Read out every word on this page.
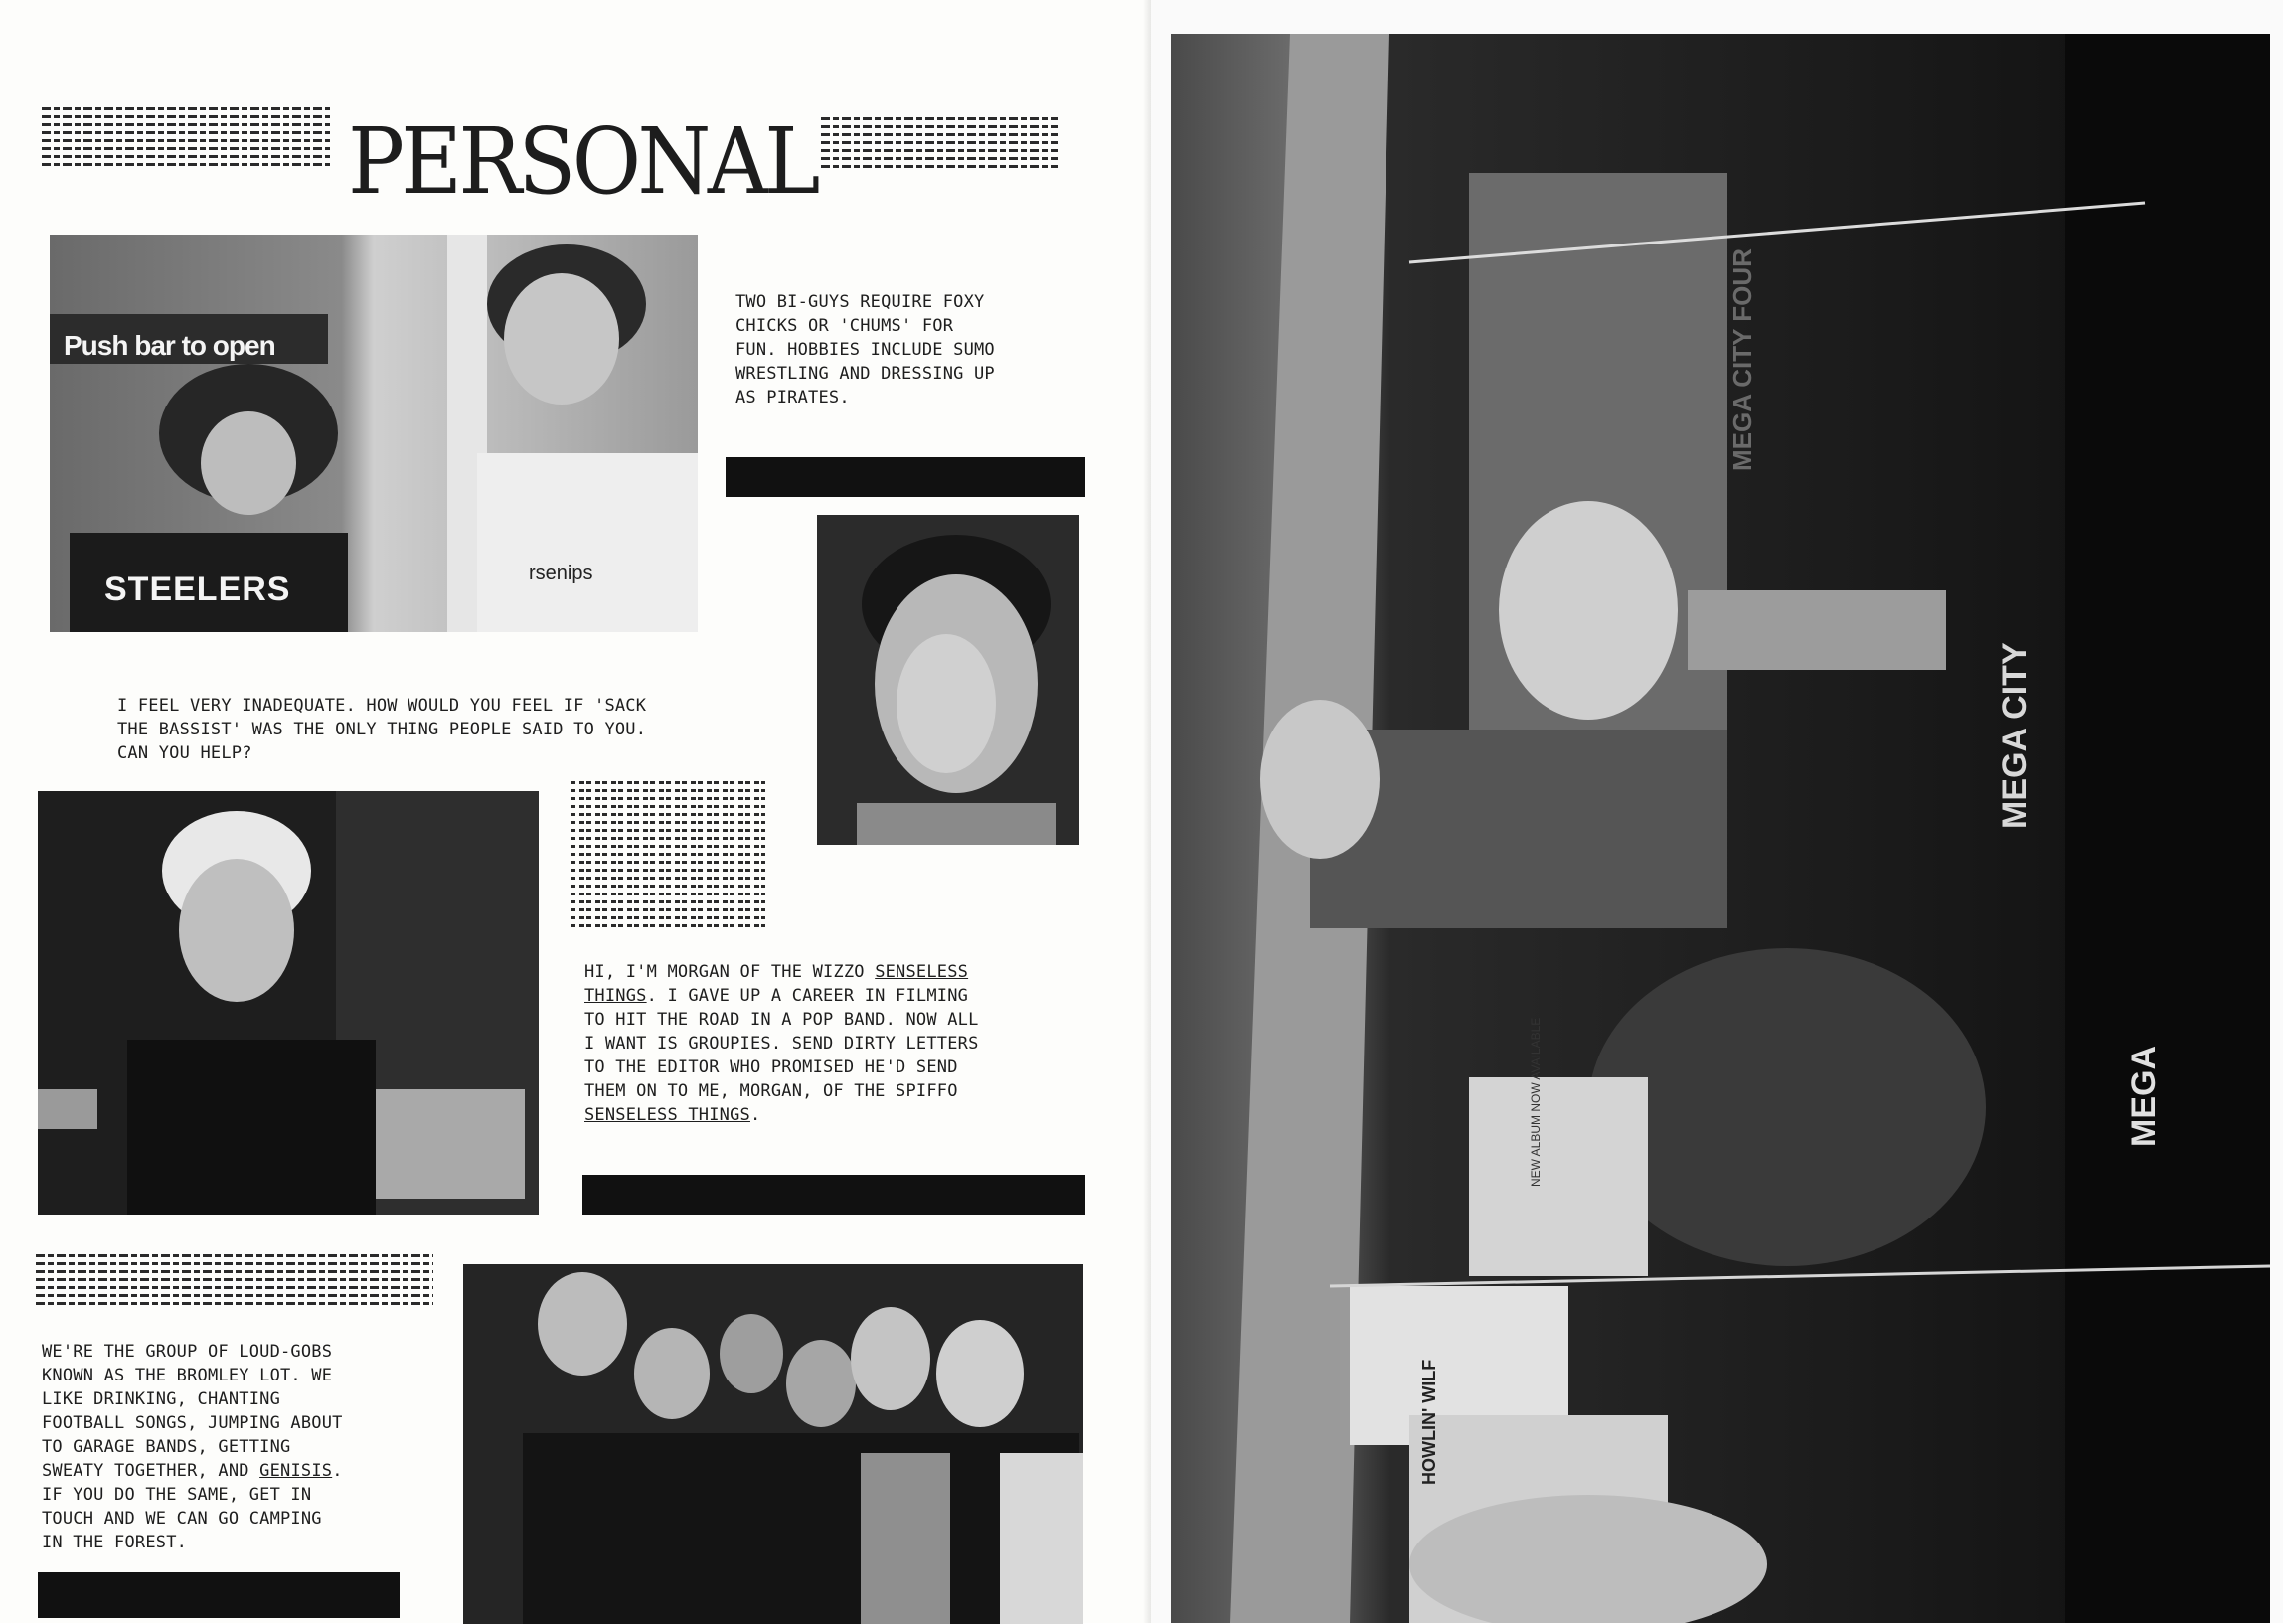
PERSONAL
Push bar to open
STEELERS	rsenips
TWO BI-GUYS REQUIRE FOXY
CHICKS OR 'CHUMS' FOR
FUN. HOBBIES INCLUDE SUMO
WRESTLING AND DRESSING UP
AS PIRATES.
I FEEL VERY INADEQUATE. HOW WOULD YOU FEEL IF 'SACK
THE BASSIST' WAS THE ONLY THING PEOPLE SAID TO YOU.
CAN YOU HELP?
HI, I'M MORGAN OF THE WIZZO SENSELESS
THINGS. I GAVE UP A CAREER IN FILMING
TO HIT THE ROAD IN A POP BAND. NOW ALL
I WANT IS GROUPIES. SEND DIRTY LETTERS
TO THE EDITOR WHO PROMISED HE'D SEND
THEM ON TO ME, MORGAN, OF THE SPIFFO
SENSELESS THINGS.
WE'RE THE GROUP OF LOUD-GOBS
KNOWN AS THE BROMLEY LOT. WE
LIKE DRINKING, CHANTING
FOOTBALL SONGS, JUMPING ABOUT
TO GARAGE BANDS, GETTING
SWEATY TOGETHER, AND GENISIS.
IF YOU DO THE SAME, GET IN
TOUCH AND WE CAN GO CAMPING
IN THE FOREST.
MEGA CITY FOUR
MEGA CITY
MEGA
NEW ALBUM NOW AVAILABLE
HOWLIN' WILF
